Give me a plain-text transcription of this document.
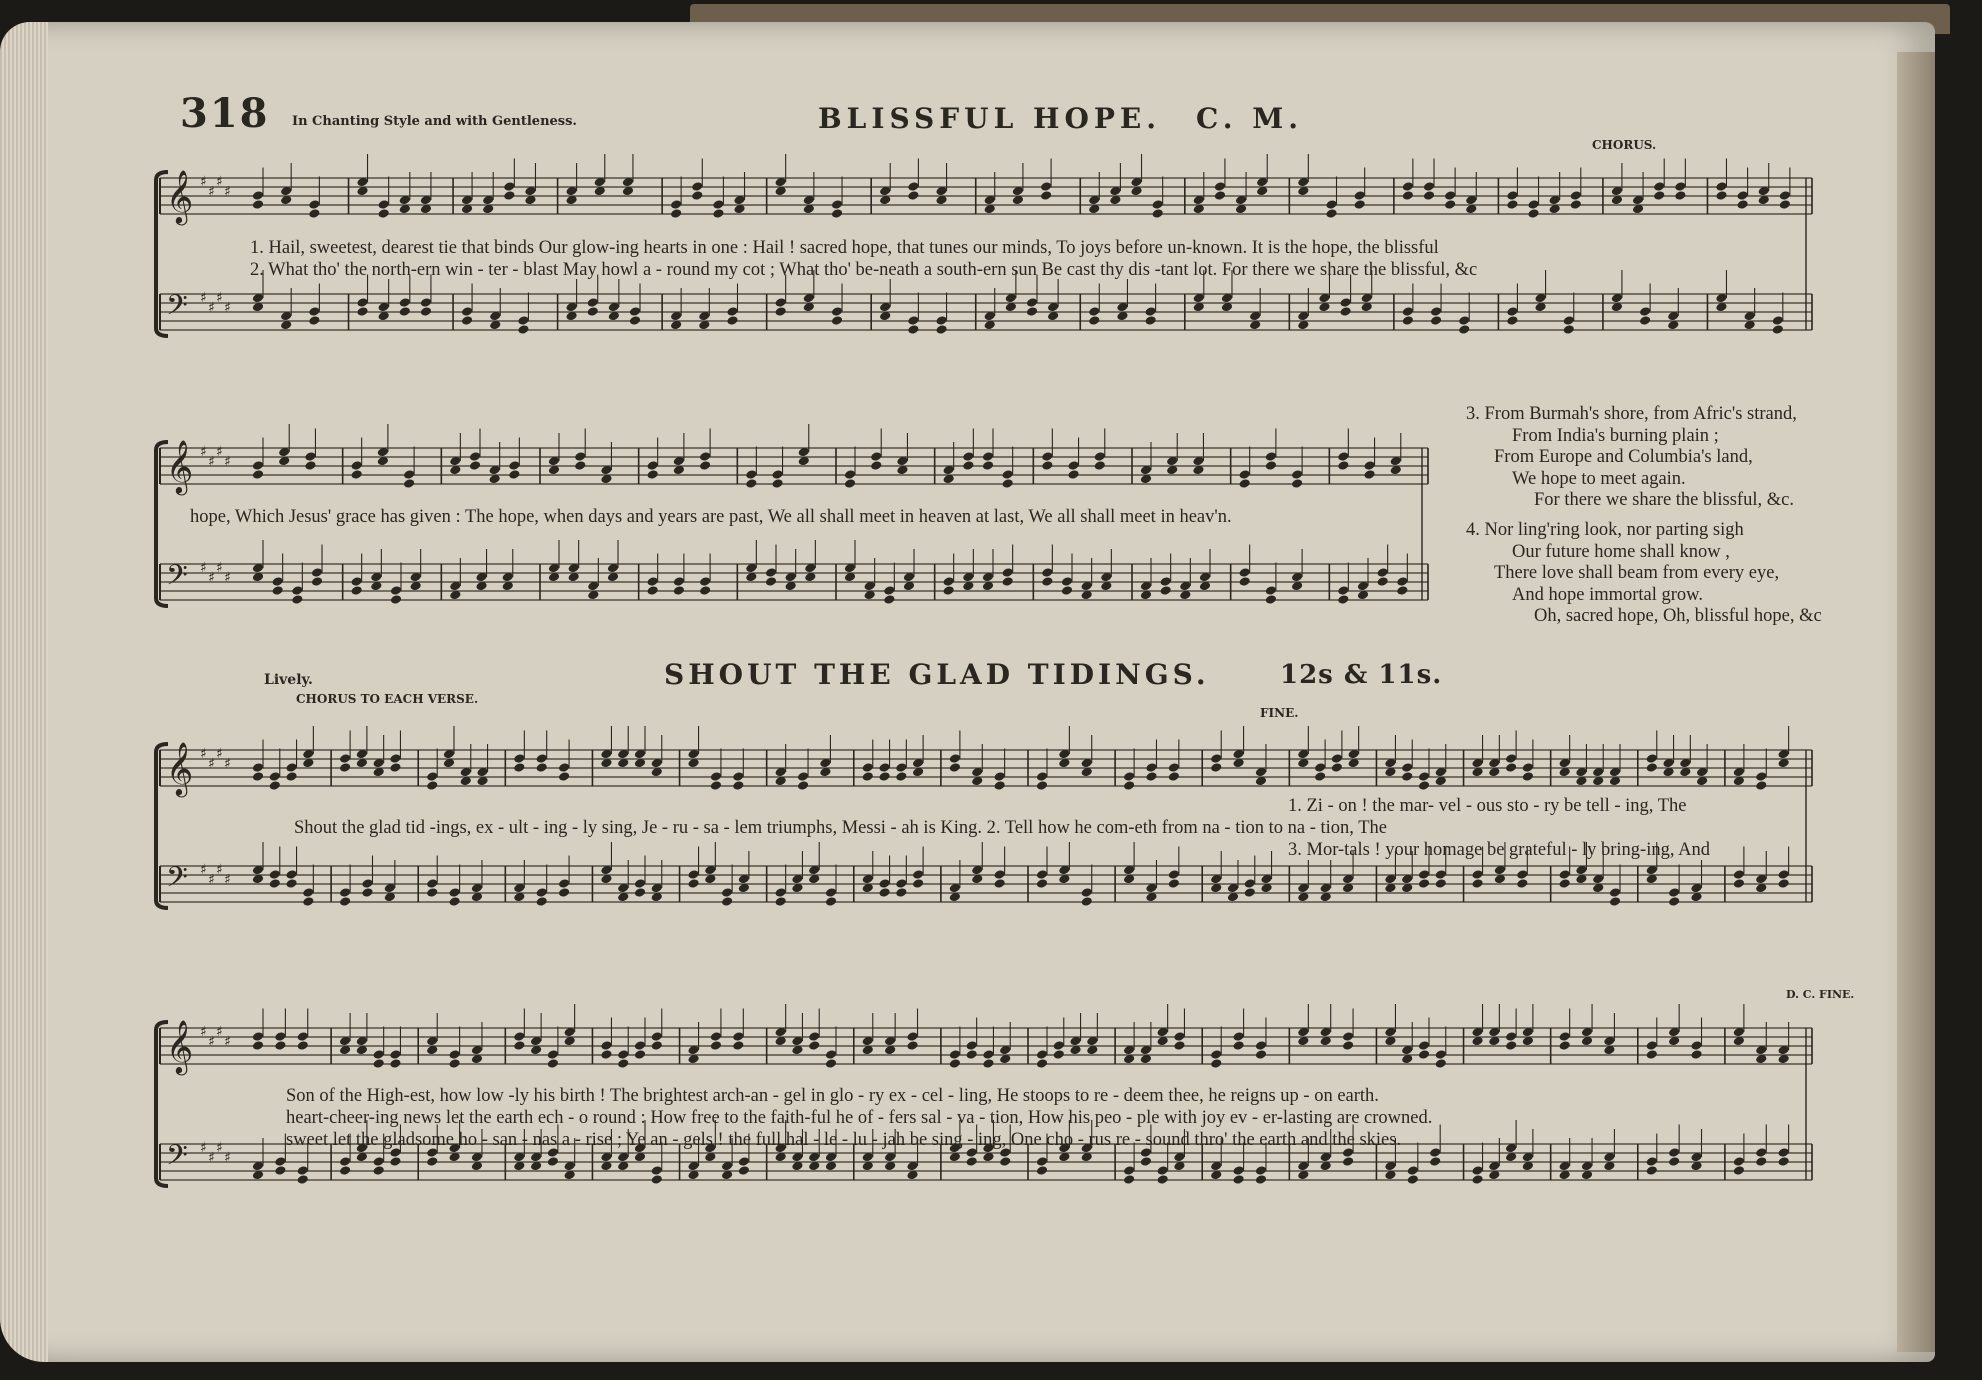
318 In Chanting Style and with Gentleness.	BLISSFUL HOPE. C. M.
CHORUS.
𝄞 ♯
♯
♯
♯
𝄢 ♯
♯
♯
♯
1. Hail, sweetest, dearest tie that binds Our glow-ing hearts in one : Hail ! sacred hope, that tunes our minds, To joys before un-known. It is the hope, the blissful
2. What tho' the north-ern win - ter - blast May howl a - round my cot ; What tho' be-neath a south-ern sun Be cast thy dis -tant lot. For there we share the blissful, &c
𝄞 ♯
♯
♯
♯
𝄢 ♯
♯
♯
♯
hope, Which Jesus' grace has given : The hope, when days and years are past, We all shall meet in heaven at last, We all shall meet in heav'n.
3. From Burmah's shore, from Afric's strand,
From India's burning plain ;
From Europe and Columbia's land,
We hope to meet again.
For there we share the blissful, &c.
4. Nor ling'ring look, nor parting sigh
Our future home shall know ,
There love shall beam from every eye,
And hope immortal grow.
Oh, sacred hope, Oh, blissful hope, &c
Lively.
CHORUS TO EACH VERSE.
SHOUT THE GLAD TIDINGS.	12s & 11s.
FINE.
𝄞 ♯
♯
♯
♯
𝄢 ♯
♯
♯
♯
1. Zi - on ! the mar- vel - ous sto - ry be tell - ing, The
Shout the glad tid -ings, ex - ult - ing - ly sing, Je - ru - sa - lem triumphs, Messi - ah is King. 2. Tell how he com-eth from na - tion to na - tion, The
3. Mor-tals ! your homage be grateful - ly bring-ing, And
D. C. FINE.
𝄞 ♯
♯
♯
♯
𝄢 ♯
♯
♯
♯
Son of the High-est, how low -ly his birth ! The brightest arch-an - gel in glo - ry ex - cel - ling, He stoops to re - deem thee, he reigns up - on earth.
heart-cheer-ing news let the earth ech - o round : How free to the faith-ful he of - fers sal - va - tion, How his peo - ple with joy ev - er-lasting are crowned.
sweet let the gladsome ho - san - nas a - rise ; Ye an - gels ! the full hal - le - lu - jah be sing - ing, One cho - rus re - sound thro' the earth and the skies.
